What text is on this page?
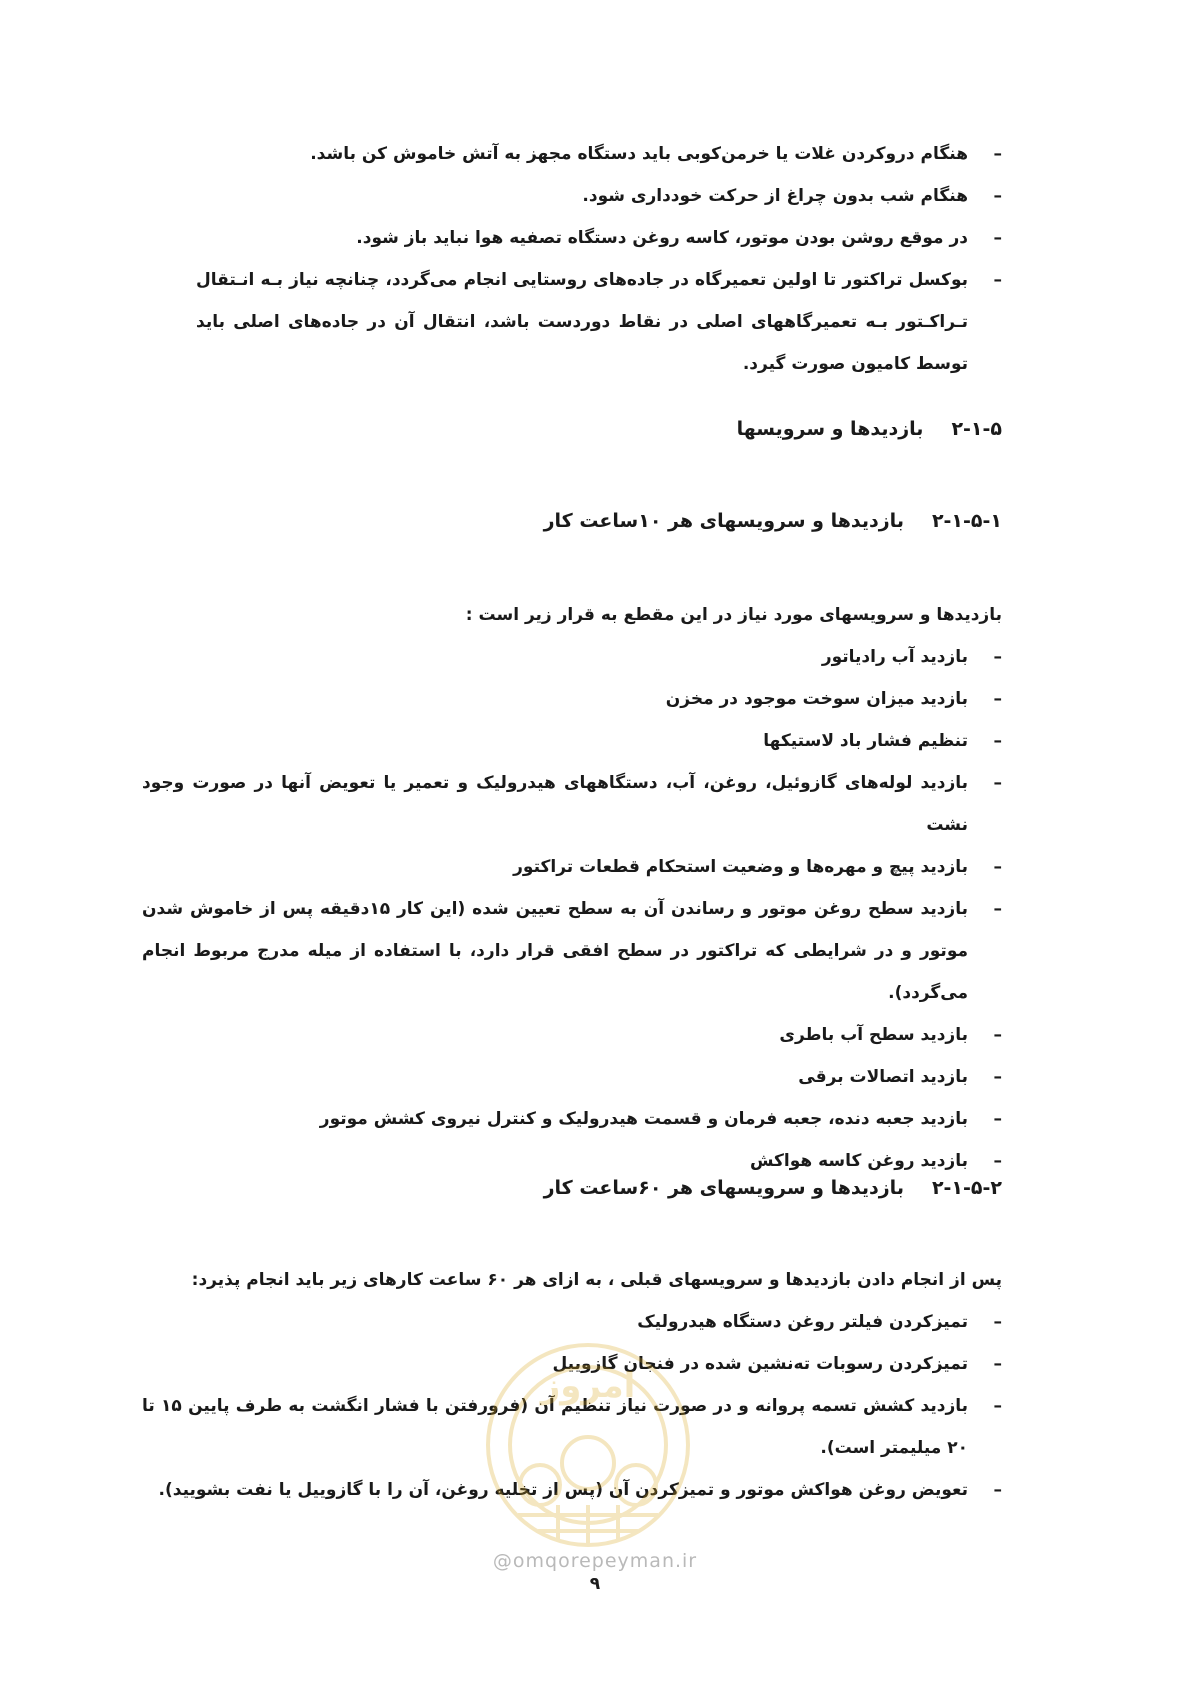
–
هنگام دروکردن غلات یا خرمن‌کوبی باید دستگاه مجهز به آتش خاموش کن باشد.
–
هنگام شب بدون چراغ از حرکت خودداری شود.
–
در موقع روشن بودن موتور، کاسه روغن دستگاه تصفیه هوا نباید باز شود.
–
بوکسل تراکتور تا اولین تعمیرگاه در جاده‌های روستایی انجام می‌گردد، چنانچه نیاز بـه انـتقال تـراکـتور بـه تعمیرگاههای اصلی در نقاط دوردست باشد، انتقال آن در جاده‌های اصلی باید توسط کامیون صورت گیرد.
۲-۱-۵بازدیدها و سرویسها
۲-۱-۵-۱بازدیدها و سرویسهای هر ۱۰ساعت کار
بازدیدها و سرویسهای مورد نیاز در این مقطع به قرار زیر است :
–
بازدید آب رادیاتور
–
بازدید میزان سوخت موجود در مخزن
–
تنظیم فشار باد لاستیکها
–
بازدید لوله‌های گازوئیل، روغن، آب، دستگاههای هیدرولیک و تعمیر یا تعویض آنها در صورت وجود نشت
–
بازدید پیچ و مهره‌ها و وضعیت استحکام قطعات تراکتور
–
بازدید سطح روغن موتور و رساندن آن به سطح تعیین شده (این کار ۱۵دقیقه پس از خاموش شدن موتور و در شرایطی که تراکتور در سطح افقی قرار دارد، با استفاده از میله مدرج مربوط انجام می‌گردد).
–
بازدید سطح آب باطری
–
بازدید اتصالات برقی
–
بازدید جعبه دنده، جعبه فرمان و قسمت هیدرولیک و کنترل نیروی کشش موتور
–
بازدید روغن کاسه هواکش
۲-۱-۵-۲بازدیدها و سرویسهای هر ۶۰ساعت کار
پس از انجام دادن بازدیدها و سرویسهای قبلی ، به ازای هر ۶۰ ساعت کارهای زیر باید انجام پذیرد:
–
تمیزکردن فیلتر روغن دستگاه هیدرولیک
–
تمیزکردن رسوبات تەنشین شده در فنجان گازوییل
–
بازدید کشش تسمه پروانه و در صورت نیاز تنظیم آن (فرورفتن با فشار انگشت به طرف پایین ۱۵ تا ۲۰ میلیمتر است).
–
تعویض روغن هواکش موتور و تمیزکردن آن (پس از تخلیه روغن، آن را با گازوییل یا نفت بشویید).
امروز
@omqorepeyman.ir
۹
